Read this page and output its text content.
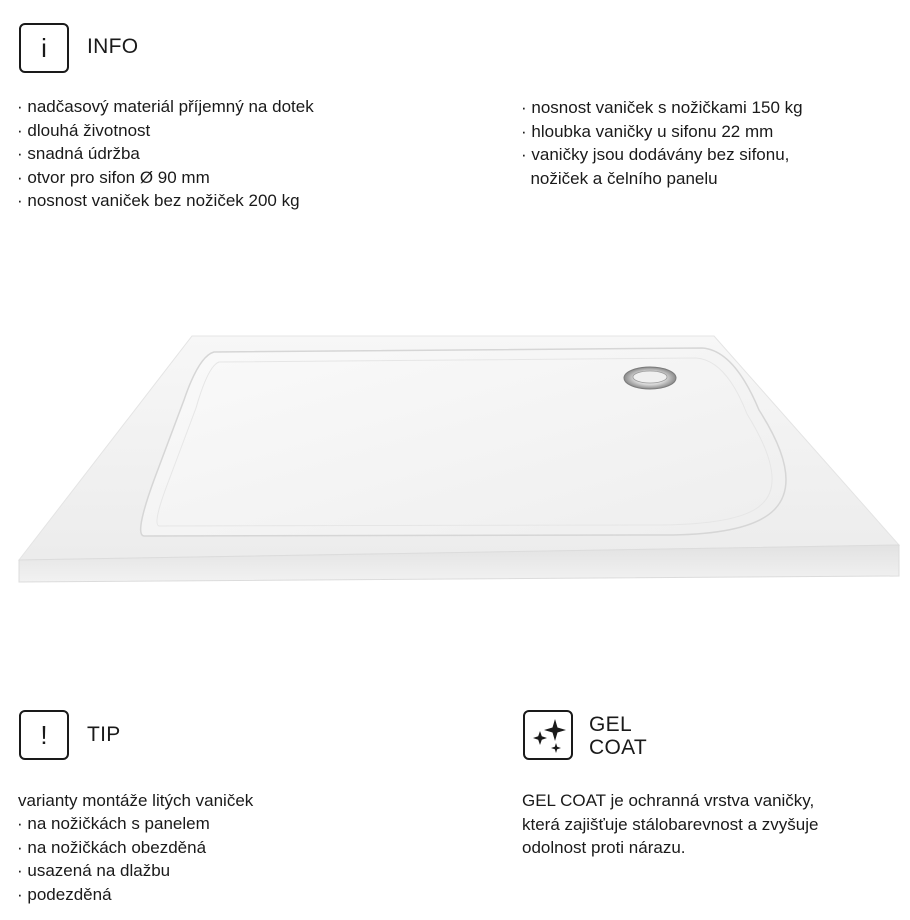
i INFO
· nadčasový materiál příjemný na dotek
· dlouhá životnost
· snadná údržba
· otvor pro sifon Ø 90 mm
· nosnost vaniček bez nožiček 200 kg
· nosnost vaniček s nožičkami 150 kg
· hloubka vaničky u sifonu 22 mm
· vaničky jsou dodávány bez sifonu,
nožiček a čelního panelu
! TIP

varianty montáže litých vaniček

· na nožičkách s panelem
· na nožičkách obezděná
· usazená na dlažbu
· podezděná
GEL
COAT
GEL COAT je ochranná vrstva vaničky,
která zajišťuje stálobarevnost a zvyšuje
odolnost proti nárazu.
